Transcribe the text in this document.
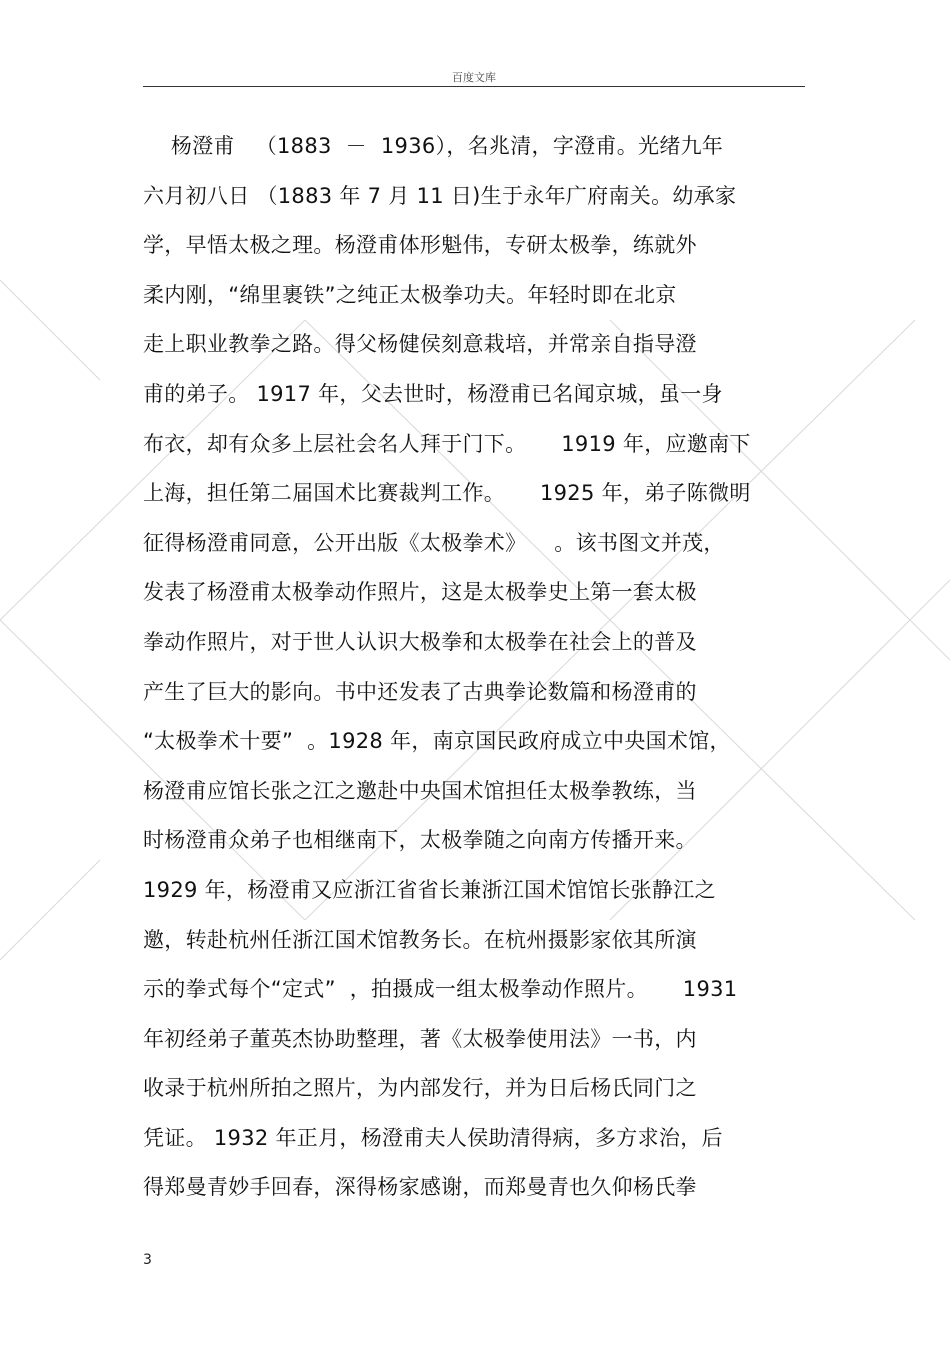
百度文库
杨澄甫   （1883  －  1936），名兆清，字澄甫。光绪九年
六月初八日 （1883 年 7 月 11 日)生于永年广府南关。幼承家
学，早悟太极之理。杨澄甫体形魁伟，专研太极拳，练就外
柔内刚，“绵里裹铁”之纯正太极拳功夫。年轻时即在北京
走上职业教拳之路。得父杨健侯刻意栽培，并常亲自指导澄
甫的弟子。 1917 年，父去世时，杨澄甫已名闻京城，虽一身
布衣，却有众多上层社会名人拜于门下。     1919 年，应邀南下
上海，担任第二届国术比赛裁判工作。     1925 年，弟子陈微明
征得杨澄甫同意，公开出版《太极拳术》    。该书图文并茂，
发表了杨澄甫太极拳动作照片，这是太极拳史上第一套太极
拳动作照片，对于世人认识大极拳和太极拳在社会上的普及
产生了巨大的影向。书中还发表了古典拳论数篇和杨澄甫的
“太极拳术十要”  。1928 年，南京国民政府成立中央国术馆，
杨澄甫应馆长张之江之邀赴中央国术馆担任太极拳教练，当
时杨澄甫众弟子也相继南下，太极拳随之向南方传播开来。
1929 年，杨澄甫又应浙江省省长兼浙江国术馆馆长张静江之
邀，转赴杭州任浙江国术馆教务长。在杭州摄影家依其所演
示的拳式每个“定式”  ，拍摄成一组太极拳动作照片。     1931
年初经弟子董英杰协助整理，著《太极拳使用法》一书，内
收录于杭州所拍之照片，为内部发行，并为日后杨氏同门之
凭证。 1932 年正月，杨澄甫夫人侯助清得病，多方求治，后
得郑曼青妙手回春，深得杨家感谢，而郑曼青也久仰杨氏拳
3
